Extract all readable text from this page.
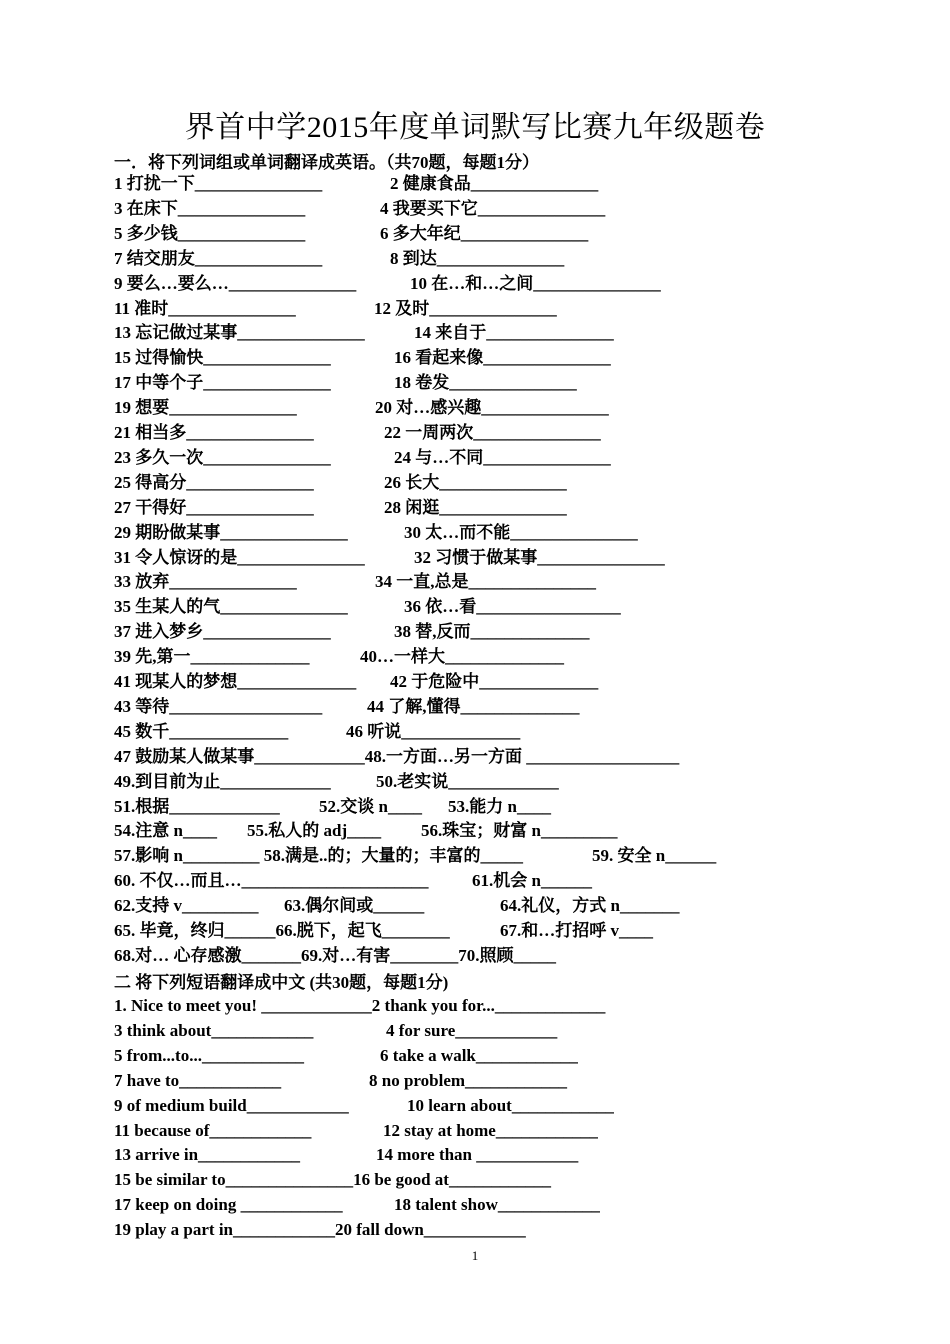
界首中学2015年度单词默写比赛九年级题卷
一．将下列词组或单词翻译成英语。（共70题，每题1分）
1 打扰一下_______________	2 健康食品_______________
3 在床下_______________	4 我要买下它_______________
5 多少钱_______________	6 多大年纪_______________
7 结交朋友_______________	8 到达_______________
9 要么…要么…_______________	10 在…和…之间_______________
11 准时_______________	12 及时_______________
13 忘记做过某事_______________	14 来自于_______________
15 过得愉快_______________	16 看起来像_______________
17 中等个子_______________	18 卷发_______________
19 想要_______________	20 对…感兴趣_______________
21 相当多_______________	22 一周两次_______________
23 多久一次_______________	24 与…不同_______________
25 得高分_______________	26 长大_______________
27 干得好_______________	28 闲逛_______________
29 期盼做某事_______________	30 太…而不能_______________
31 令人惊讶的是_______________	32 习惯于做某事_______________
33 放弃_______________	34 一直,总是_______________
35 生某人的气_______________	36 依…看_________________
37 进入梦乡_______________	38 替,反而______________
39 先,第一______________	40…一样大______________
41 现某人的梦想______________ 42 于危险中______________
43 等待__________________	44 了解,懂得______________
45 数千______________	46 听说______________
47 鼓励某人做某事_____________48.一方面…另一方面 __________________
49.到目前为止_____________	50.老实说_____________
51.根据_____________ 52.交谈 n____ 53.能力 n____
54.注意 n____ 55.私人的 adj____ 56.珠宝；财富 n_________
57.影响 n_________ 58.满是..的；大量的；丰富的_____	59. 安全 n______
60. 不仅…而且…______________________	61.机会 n______
62.支持 v_________ 63.偶尔间或______	64.礼仪，方式 n_______
65. 毕竟，终归______66.脱下，起飞________	67.和…打招呼 v____
68.对… 心存感激_______69.对…有害________70.照顾_____
二 将下列短语翻译成中文 (共30题，每题1分)
1. Nice to meet you! _____________2 thank you for..._____________
3 think about____________	4 for sure____________
5 from...to...____________	6 take a walk____________
7 have to____________	8 no problem____________
9 of medium build____________	10 learn about____________
11 because of____________	12 stay at home____________
13 arrive in____________	14 more than ____________
15 be similar to_______________16 be good at____________
17 keep on doing ____________	18 talent show____________
19 play a part in____________20 fall down____________
1
